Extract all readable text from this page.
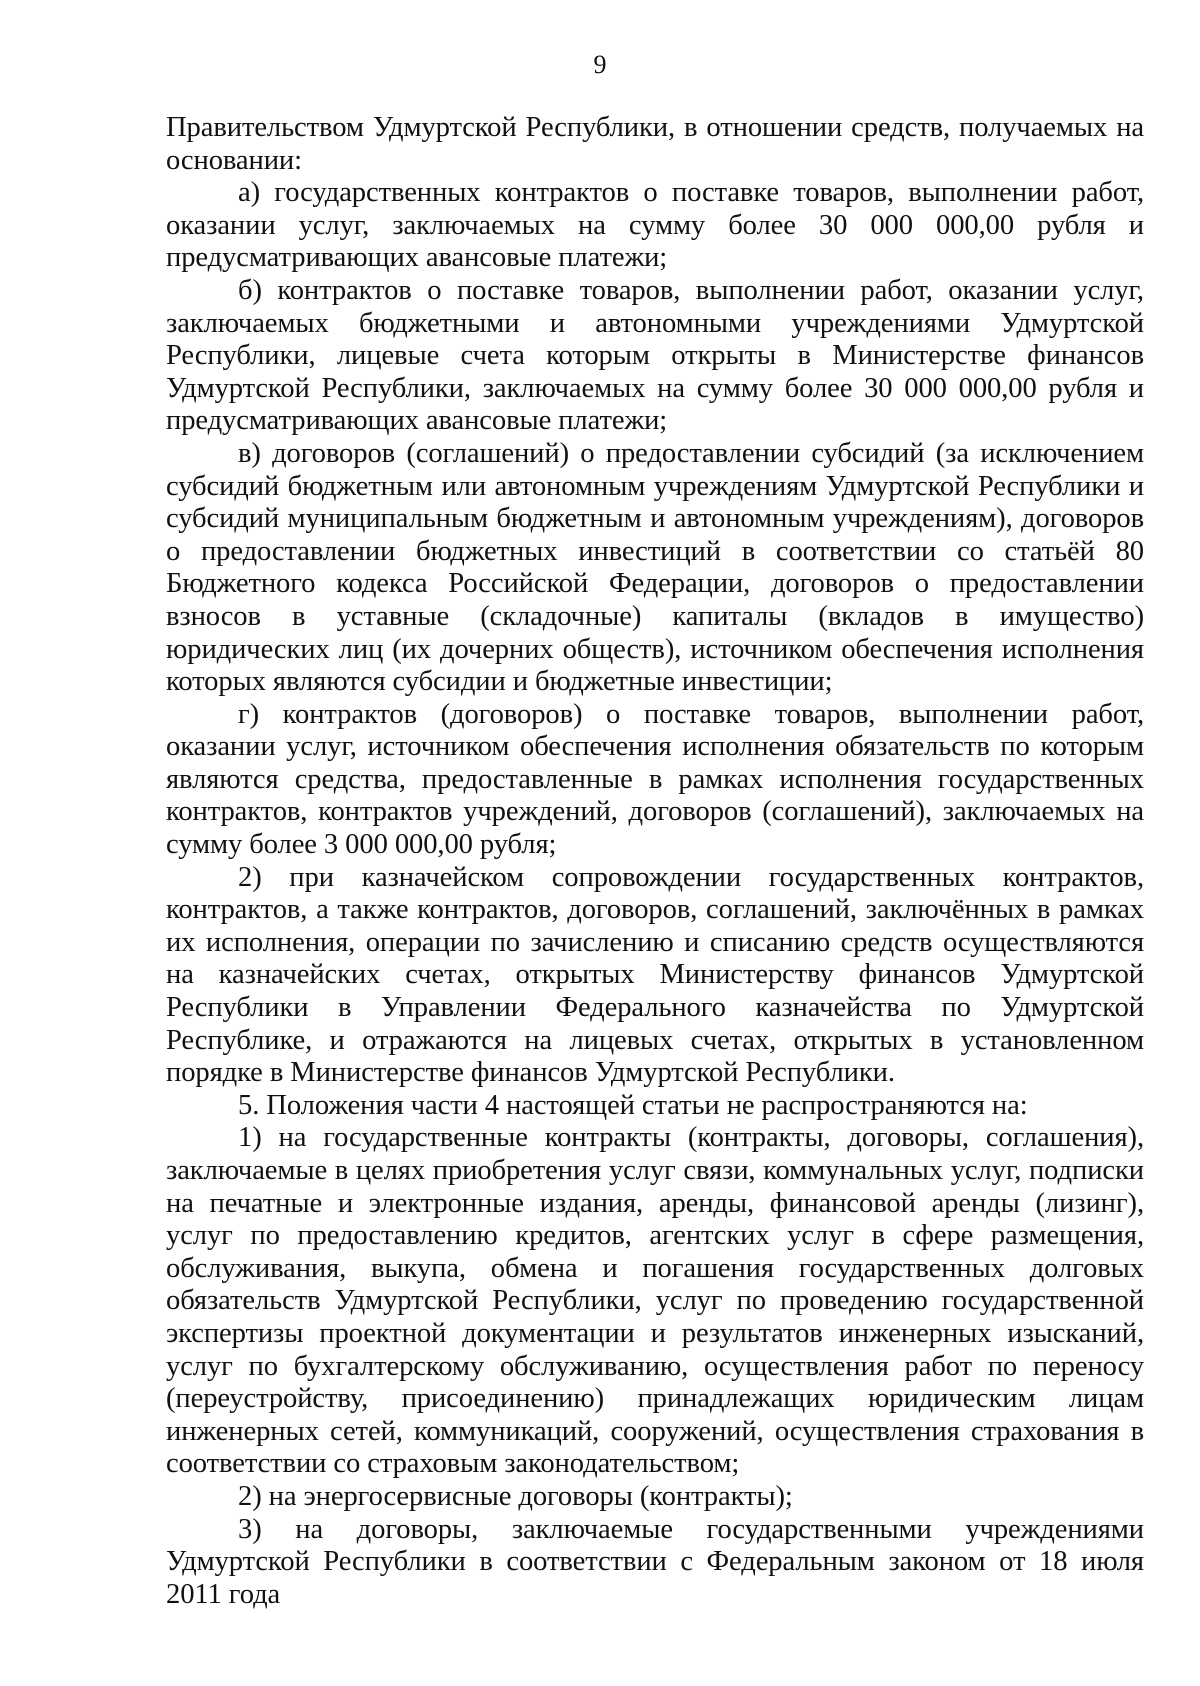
9

Правительством Удмуртской Республики, в отношении средств, получаемых на основании:

а) государственных контрактов о поставке товаров, выполнении работ, оказании услуг, заключаемых на сумму более 30 000 000,00 рубля и предусматривающих авансовые платежи;

б) контрактов о поставке товаров, выполнении работ, оказании услуг, заключаемых бюджетными и автономными учреждениями Удмуртской Республики, лицевые счета которым открыты в Министерстве финансов Удмуртской Республики, заключаемых на сумму более 30 000 000,00 рубля и предусматривающих авансовые платежи;

в) договоров (соглашений) о предоставлении субсидий (за исключением субсидий бюджетным или автономным учреждениям Удмуртской Республики и субсидий муниципальным бюджетным и автономным учреждениям), договоров о предоставлении бюджетных инвестиций в соответствии со статьёй 80 Бюджетного кодекса Российской Федерации, договоров о предоставлении взносов в уставные (складочные) капиталы (вкладов в имущество) юридических лиц (их дочерних обществ), источником обеспечения исполнения которых являются субсидии и бюджетные инвестиции;

г) контрактов (договоров) о поставке товаров, выполнении работ, оказании услуг, источником обеспечения исполнения обязательств по которым являются средства, предоставленные в рамках исполнения государственных контрактов, контрактов учреждений, договоров (соглашений), заключаемых на сумму более 3 000 000,00 рубля;

2) при казначейском сопровождении государственных контрактов, контрактов, а также контрактов, договоров, соглашений, заключённых в рамках их исполнения, операции по зачислению и списанию средств осуществляются на казначейских счетах, открытых Министерству финансов Удмуртской Республики в Управлении Федерального казначейства по Удмуртской Республике, и отражаются на лицевых счетах, открытых в установленном порядке в Министерстве финансов Удмуртской Республики.

5. Положения части 4 настоящей статьи не распространяются на:

1) на государственные контракты (контракты, договоры, соглашения), заключаемые в целях приобретения услуг связи, коммунальных услуг, подписки на печатные и электронные издания, аренды, финансовой аренды (лизинг), услуг по предоставлению кредитов, агентских услуг в сфере размещения, обслуживания, выкупа, обмена и погашения государственных долговых обязательств Удмуртской Республики, услуг по проведению государственной экспертизы проектной документации и результатов инженерных изысканий, услуг по бухгалтерскому обслуживанию, осуществления работ по переносу (переустройству, присоединению) принадлежащих юридическим лицам инженерных сетей, коммуникаций, сооружений, осуществления страхования в соответствии со страховым законодательством;

2) на энергосервисные договоры (контракты);

3) на договоры, заключаемые государственными учреждениями Удмуртской Республики в соответствии с Федеральным законом от 18 июля 2011 года
